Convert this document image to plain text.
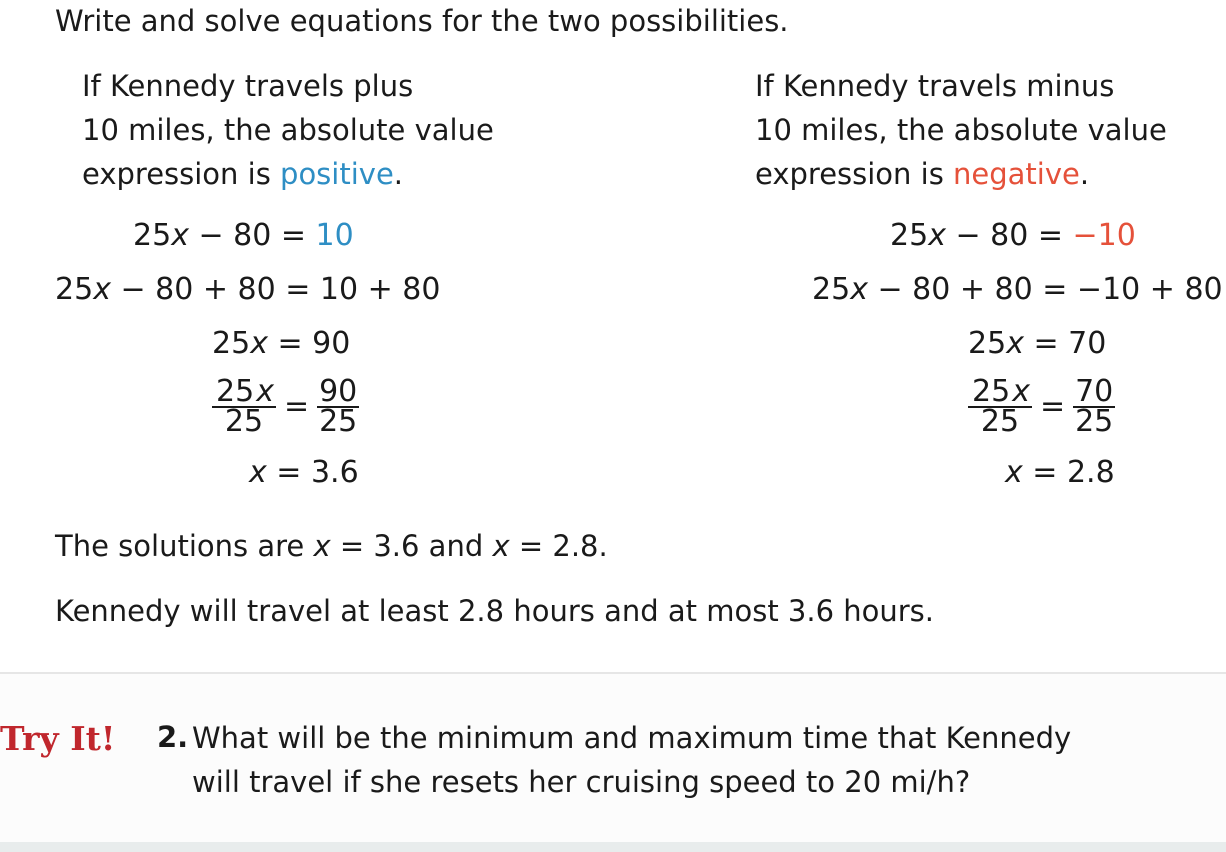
Write and solve equations for the two possibilities.
If Kennedy travels plus
10 miles, the absolute value
expression is positive.
If Kennedy travels minus
10 miles, the absolute value
expression is negative.
25x − 80 = 10
25x − 80 + 80 = 10 + 80
25x = 90
$\frac{25x}{25} = \frac{90}{25}$
x = 3.6
25x − 80 = −10
25x − 80 + 80 = −10 + 80
25x = 70
$\frac{25x}{25} = \frac{70}{25}$
x = 2.8
The solutions are x = 3.6 and x = 2.8.
Kennedy will travel at least 2.8 hours and at most 3.6 hours.
Try It! 2. What will be the minimum and maximum time that Kennedy
will travel if she resets her cruising speed to 20 mi/h?
